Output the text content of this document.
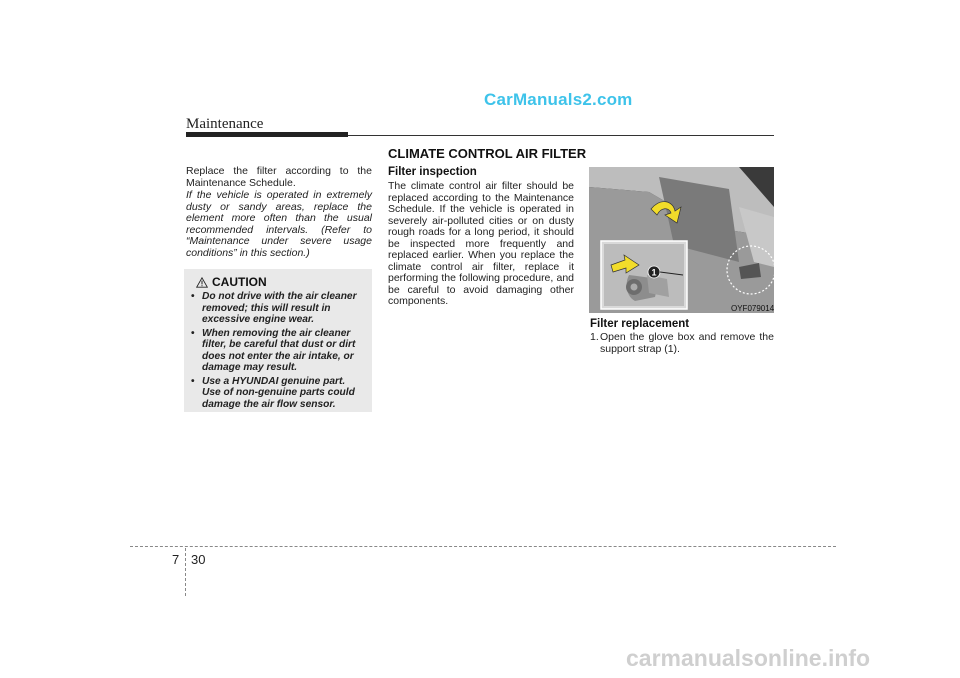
CarManuals2.com
Maintenance
CLIMATE CONTROL AIR FILTER
Replace the filter according to the Maintenance Schedule.
If the vehicle is operated in extremely dusty or sandy areas, replace the element more often than the usual recommended intervals. (Refer to “Maintenance under severe usage conditions” in this section.)
CAUTION
• Do not drive with the air cleaner removed; this will result in excessive engine wear.
• When removing the air cleaner filter, be careful that dust or dirt does not enter the air intake, or damage may result.
• Use a HYUNDAI genuine part. Use of non-genuine parts could damage the air flow sensor.
Filter inspection
The climate control air filter should be replaced according to the Maintenance Schedule. If the vehicle is operated in severely air-polluted cities or on dusty rough roads for a long period, it should be inspected more frequently and replaced earlier. When you replace the climate control air filter, replace it performing the following procedure, and be careful to avoid damaging other components.
1
OYF079014
Filter replacement
1. Open the glove box and remove the support strap (1).
7 30
carmanualsonline.info
